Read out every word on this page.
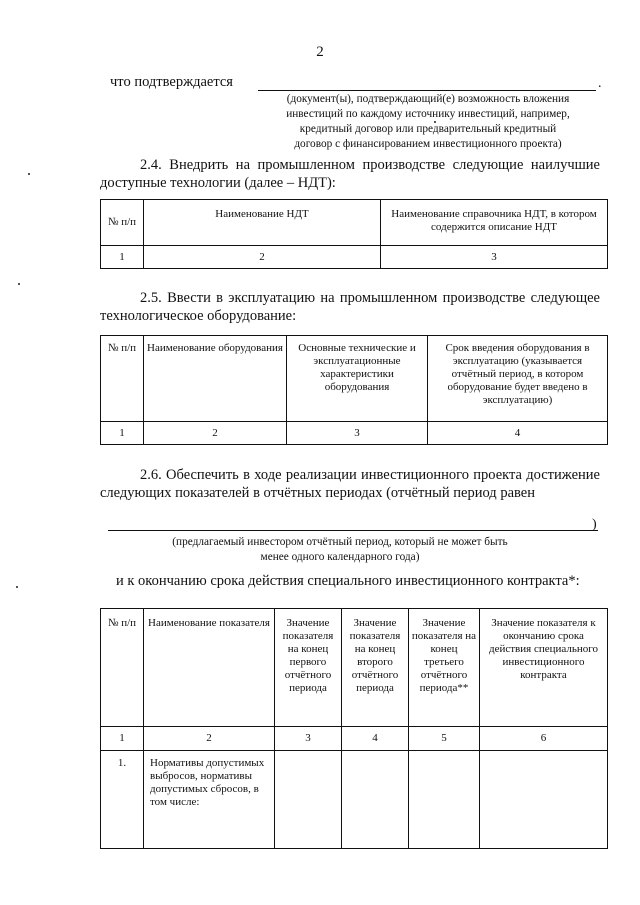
2
что подтверждается	.
(документ(ы), подтверждающий(е) возможность вложения
инвестиций по каждому источнику инвестиций, например,
кредитный договор или предварительный кредитный
договор с финансированием инвестиционного проекта)
2.4. Внедрить на промышленном производстве следующие наилучшие доступные технологии (далее – НДТ):
№ п/п	Наименование НДТ	Наименование справочника НДТ, в котором содержится описание НДТ
1	2	3
2.5. Ввести в эксплуатацию на промышленном производстве следующее технологическое оборудование:
№ п/п	Наименование оборудования	Основные технические и эксплуатационные характеристики оборудования	Срок введения оборудования в эксплуатацию (указывается отчётный период, в котором оборудование будет введено в эксплуатацию)
1	2	3	4
2.6. Обеспечить в ходе реализации инвестиционного проекта достижение следующих показателей в отчётных периодах (отчётный период равен
)
(предлагаемый инвестором отчётный период, который не может быть
менее одного календарного года)
и к окончанию срока действия специального инвестиционного контракта*:
№ п/п	Наименование показателя	Значение показателя на конец первого отчётного периода	Значение показателя на конец второго отчётного периода	Значение показателя на конец третьего отчётного периода**	Значение показателя к окончанию срока действия специального инвестиционного контракта
1	2	3	4	5	6
1.	Нормативы допустимых выбросов, нормативы допустимых сбросов, в том числе:				
